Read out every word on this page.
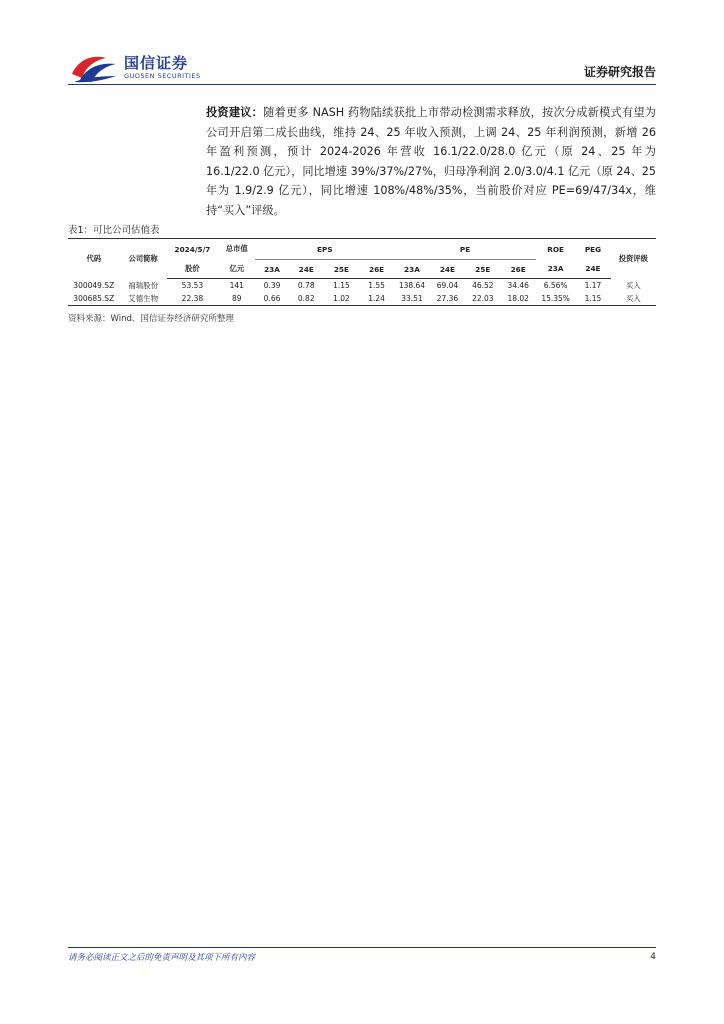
国信证券
GUOSEN SECURITIES	证券研究报告
投资建议：随着更多 NASH 药物陆续获批上市带动检测需求释放，按次分成新模式有望为公司开启第二成长曲线，维持 24、25 年收入预测，上调 24、25 年利润预测，新增 26 年盈利预测，预计 2024-2026 年营收 16.1/22.0/28.0 亿元（原 24、25 年为 16.1/22.0 亿元），同比增速 39%/37%/27%，归母净利润 2.0/3.0/4.1 亿元（原 24、25 年为 1.9/2.9 亿元），同比增速 108%/48%/35%，当前股价对应 PE=69/47/34x，维持“买入”评级。
表1：可比公司估值表
代码	公司简称	2024/5/7	总市值	EPS				PE				ROE	PEG	投资评级
		股价	亿元	23A	24E	25E	26E	23A	24E	25E	26E	23A	24E	
300049.SZ	福瑞股份	53.53	141	0.39	0.78	1.15	1.55	138.64	69.04	46.52	34.46	6.56%	1.17	买入
300685.SZ	艾德生物	22.38	89	0.66	0.82	1.02	1.24	33.51	27.36	22.03	18.02	15.35%	1.15	买入
资料来源：Wind、国信证券经济研究所整理
请务必阅读正文之后的免责声明及其项下所有内容	4
